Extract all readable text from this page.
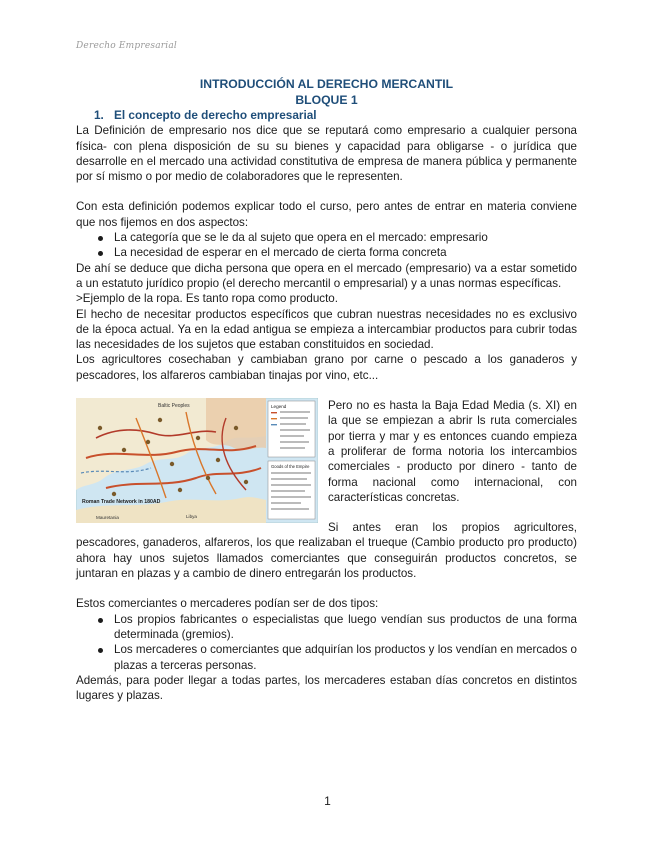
Derecho Empresarial

INTRODUCCIÓN AL DERECHO MERCANTIL

BLOQUE 1

1. El concepto de derecho empresarial

La Definición de empresario nos dice que se reputará como empresario a cualquier persona física- con plena disposición de su su bienes y capacidad para obligarse - o jurídica que desarrolle en el mercado una actividad constitutiva de empresa de manera pública y permanente por sí mismo o por medio de colaboradores que le representen.

Con esta definición podemos explicar todo el curso, pero antes de entrar en materia conviene que nos fijemos en dos aspectos:

La categoría que se le da al sujeto que opera en el mercado: empresario
La necesidad de esperar en el mercado de cierta forma concreta

De ahí se deduce que dicha persona que opera en el mercado (empresario) va a estar sometido a un estatuto jurídico propio (el derecho mercantil o empresarial) y a unas normas específicas.

>Ejemplo de la ropa. Es tanto ropa como producto.

El hecho de necesitar productos específicos que cubran nuestras necesidades no es exclusivo de la época actual. Ya en la edad antigua se empieza a intercambiar productos para cubrir todas las necesidades de los sujetos que estaban constituidos en sociedad.

Los agricultores cosechaban y cambiaban grano por carne o pescado a los ganaderos y pescadores, los alfareros cambiaban tinajas por vino, etc...

Baltic Peoples
Roman Trade Network in 180AD
Mauretania	Libya
Legend
Goods of the Empire

Pero no es hasta la Baja Edad Media (s. XI) en la que se empiezan a abrir ls ruta comerciales por tierra y mar y es entonces cuando empieza a proliferar de forma notoria los intercambios comerciales - producto por dinero - tanto de forma nacional como internacional, con características concretas.

Si antes eran los propios agricultores, pescadores, ganaderos, alfareros, los que realizaban el trueque (Cambio producto pro producto) ahora hay unos sujetos llamados comerciantes que conseguirán productos concretos, se juntaran en plazas y a cambio de dinero entregarán los productos.

Estos comerciantes o mercaderes podían ser de dos tipos:

Los propios fabricantes o especialistas que luego vendían sus productos de una forma determinada (gremios).
Los mercaderes o comerciantes que adquirían los productos y los vendían en mercados o plazas a terceras personas.

Además, para poder llegar a todas partes, los mercaderes estaban días concretos en distintos lugares y plazas.

1
